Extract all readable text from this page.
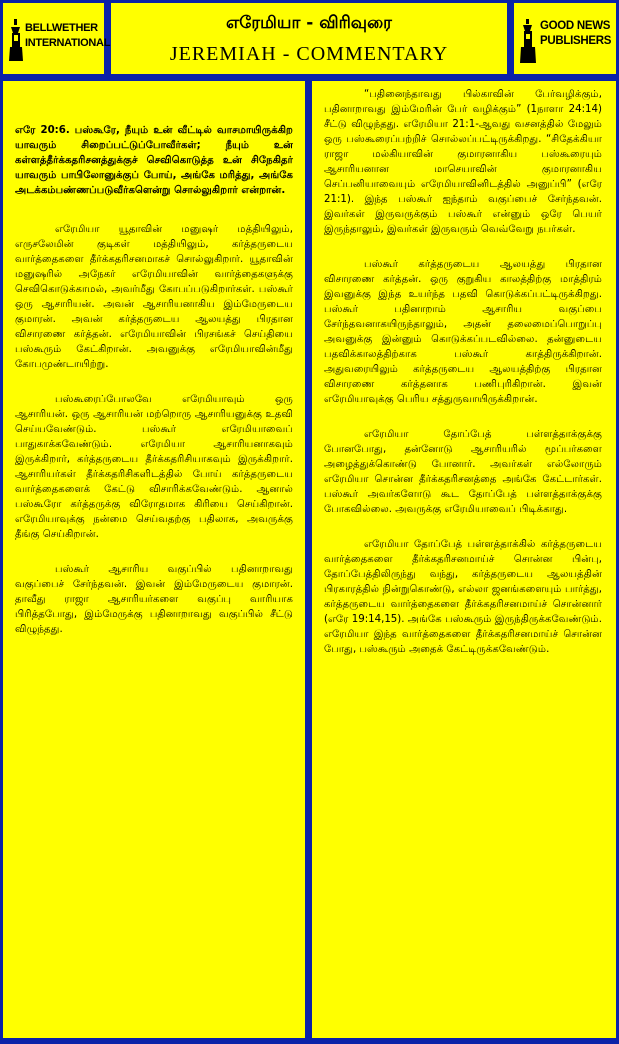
BELLWETHER
INTERNATIONAL
எரேமியா - விரிவுரை
JEREMIAH - COMMENTARY
GOOD NEWS
PUBLISHERS

எரே 20:6. பஸ்கூரே, நீயும் உன் வீட்டில் வாசமாயிருக்கிற யாவரும் சிறைப்பட்டுப்போவீர்கள்; நீயும் உன் கள்ளத்தீர்க்கதரிசனத்துக்குச் செவிகொடுத்த உன் சிநேகிதர் யாவரும் பாபிலோனுக்குப் போய், அங்கே மரித்து, அங்கே அடக்கம்பண்ணப்படுவீர்களென்று சொல்லுகிறார் என்றான்.

எரேமியா யூதாவின் மனுஷர் மத்தியிலும், எருசலேமின் குடிகள் மத்தியிலும், கர்த்தருடைய வார்த்தைகளை தீர்க்கதரிசனமாகச் சொல்லுகிறார். யூதாவின் மனுஷரில் அநேகர் எரேமியாவின் வார்த்தைகளுக்கு செவிகொடுக்காமல், அவர்மீது கோபப்படுகிறார்கள். பஸ்கூர் ஒரு ஆசாரியன். அவன் ஆசாரியனாகிய இம்மேருடைய குமாரன். அவன் கர்த்தருடைய ஆலயத்து பிரதான விசாரணை கர்த்தன். எரேமியாவின் பிரசங்கச் செய்தியை பஸ்கூரும் கேட்கிறான். அவனுக்கு எரேமியாவின்மீது கோபமுண்டாயிற்று.

பஸ்கூரைப்போலவே எரேமியாவும் ஒரு ஆசாரியன். ஒரு ஆசாரியன் மற்றொரு ஆசாரியனுக்கு உதவி செய்யவேண்டும். பஸ்கூர் எரேமியாவைப் பாதுகாக்கவேண்டும். எரேமியா ஆசாரியனாகவும் இருக்கிறார், கர்த்தருடைய தீர்க்கதரிசியாகவும் இருக்கிறார். ஆசாரியர்கள் தீர்க்கதரிசிகளிடத்தில் போய் கர்த்தருடைய வார்த்தைகளைக் கேட்டு விசாரிக்கவேண்டும். ஆனால் பஸ்கூரோ கர்த்தருக்கு விரோதமாக கிரியை செய்கிறான். எரேமியாவுக்கு நன்மை செய்வதற்கு பதிலாக, அவருக்கு தீங்கு செய்கிறான்.

பஸ்கூர் ஆசாரிய வகுப்பில் பதினாறாவது வகுப்பைச் சேர்ந்தவன். இவன் இம்மேருடைய குமாரன். தாவீது ராஜா ஆசாரியர்களை வகுப்பு வாரியாக பிரித்தபோது, இம்மேருக்கு பதினாறாவது வகுப்பில் சீட்டு விழுந்தது.

“பதினைந்தாவது பில்காவின் பேர்வழிக்கும், பதினாறாவது இம்மேரின் பேர் வழிக்கும்” (1நாளா 24:14) சீட்டு விழுந்தது. எரேமியா 21:1-ஆவது வசனத்தில் மேலும் ஒரு பஸ்கூரைப்பற்றிச் சொல்லப்பட்டிருக்கிறது. “சிதேக்கியா ராஜா மல்கியாவின் குமாரனாகிய பஸ்கூரையும் ஆசாரியனான மாசெயாவின் குமாரனாகிய செப்பனியாவையும் எரேமியாவினிடத்தில் அனுப்பி” (எரே 21:1). இந்த பஸ்கூர் ஐந்தாம் வகுப்பைச் சேர்ந்தவன். இவர்கள் இருவருக்கும் பஸ்கூர் என்னும் ஒரே பெயர் இருந்தாலும், இவர்கள் இருவரும் வெவ்வேறு நபர்கள்.

பஸ்கூர் கர்த்தருடைய ஆலயத்து பிரதான விசாரணை கர்த்தன். ஒரு குறுகிய காலத்திற்கு மாத்திரம் இவனுக்கு இந்த உயர்ந்த பதவி கொடுக்கப்பட்டிருக்கிறது. பஸ்கூர் பதினாறாம் ஆசாரிய வகுப்பை சேர்ந்தவனாகயிருந்தாலும், அதன் தலைமைப்பொறுப்பு அவனுக்கு இன்னும் கொடுக்கப்படவில்லை. தன்னுடைய பதவிக்காலத்திற்காக பஸ்கூர் காத்திருக்கிறான். அதுவரையிலும் கர்த்தருடைய ஆலயத்திற்கு பிரதான விசாரணை கர்த்தனாக பணிபுரிகிறான். இவன் எரேமியாவுக்கு பெரிய சத்துருவாயிருக்கிறான்.

எரேமியா தோப்பேத் பள்ளத்தாக்குக்கு போனபோது, தன்னோடு ஆசாரியரில் மூப்பர்களை அழைத்துக்கொண்டு போனார். அவர்கள் எல்லோரும் எரேமியா சொன்ன தீர்க்கதரிசனத்தை அங்கே கேட்டார்கள். பஸ்கூர் அவர்களோடு கூட தோப்பேத் பள்ளத்தாக்குக்கு போகவில்லை. அவருக்கு எரேமியாவைப் பிடிக்காது.

எரேமியா தோப்பேத் பள்ளத்தாக்கில் கர்த்தருடைய வார்த்தைகளை தீர்க்கதரிசனமாய்ச் சொன்ன பின்பு, தோப்பேத்திலிருந்து வந்து, கர்த்தருடைய ஆலயத்தின் பிரகாரத்தில் நின்றுகொண்டு, எல்லா ஜனங்களையும் பார்த்து, கர்த்தருடைய வார்த்தைகளை தீர்க்கதரிசனமாய்ச் சொன்னார் (எரே 19:14,15). அங்கே பஸ்கூரும் இருந்திருக்கவேண்டும். எரேமியா இந்த வார்த்தைகளை தீர்க்கதரிசனமாய்ச் சொன்ன போது, பஸ்கூரும் அதைக் கேட்டிருக்கவேண்டும்.
